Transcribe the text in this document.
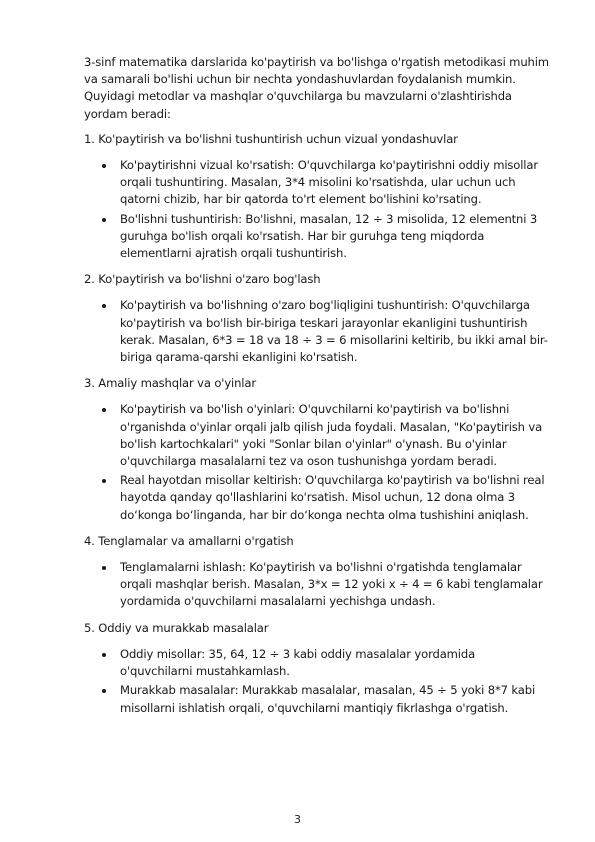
3-sinf matematika darslarida ko'paytirish va bo'lishga o'rgatish metodikasi muhim va samarali bo'lishi uchun bir nechta yondashuvlardan foydalanish mumkin. Quyidagi metodlar va mashqlar o'quvchilarga bu mavzularni o'zlashtirishda yordam beradi:

1. Ko'paytirish va bo'lishni tushuntirish uchun vizual yondashuvlar

Ko'paytirishni vizual ko'rsatish: O'quvchilarga ko'paytirishni oddiy misollar orqali tushuntiring. Masalan, 3*4 misolini ko'rsatishda, ular uchun uch qatorni chizib, har bir qatorda to'rt element bo'lishini ko'rsating.
Bo'lishni tushuntirish: Bo'lishni, masalan, 12 ÷ 3 misolida, 12 elementni 3 guruhga bo'lish orqali ko'rsatish. Har bir guruhga teng miqdorda elementlarni ajratish orqali tushuntirish.

2. Ko'paytirish va bo'lishni o'zaro bog'lash

Ko'paytirish va bo'lishning o'zaro bog'liqligini tushuntirish: O'quvchilarga ko'paytirish va bo'lish bir-biriga teskari jarayonlar ekanligini tushuntirish kerak. Masalan, 6*3 = 18 va 18 ÷ 3 = 6 misollarini keltirib, bu ikki amal bir-biriga qarama-qarshi ekanligini ko'rsatish.

3. Amaliy mashqlar va o'yinlar

Ko'paytirish va bo'lish o'yinlari: O'quvchilarni ko'paytirish va bo'lishni o'rganishda o'yinlar orqali jalb qilish juda foydali. Masalan, "Ko'paytirish va bo'lish kartochkalari" yoki "Sonlar bilan o'yinlar" o'ynash. Bu o'yinlar o'quvchilarga masalalarni tez va oson tushunishga yordam beradi.
Real hayotdan misollar keltirish: O'quvchilarga ko'paytirish va bo'lishni real hayotda qanday qo'llashlarini ko'rsatish. Misol uchun, 12 dona olma 3 do‘konga bo‘linganda, har bir do‘konga nechta olma tushishini aniqlash.

4. Tenglamalar va amallarni o'rgatish

Tenglamalarni ishlash: Ko'paytirish va bo'lishni o'rgatishda tenglamalar orqali mashqlar berish. Masalan, 3*x = 12 yoki x ÷ 4 = 6 kabi tenglamalar yordamida o'quvchilarni masalalarni yechishga undash.

5. Oddiy va murakkab masalalar

Oddiy misollar: 35, 64, 12 ÷ 3 kabi oddiy masalalar yordamida o'quvchilarni mustahkamlash.
Murakkab masalalar: Murakkab masalalar, masalan, 45 ÷ 5 yoki 8*7 kabi misollarni ishlatish orqali, o'quvchilarni mantiqiy fikrlashga o'rgatish.
3
